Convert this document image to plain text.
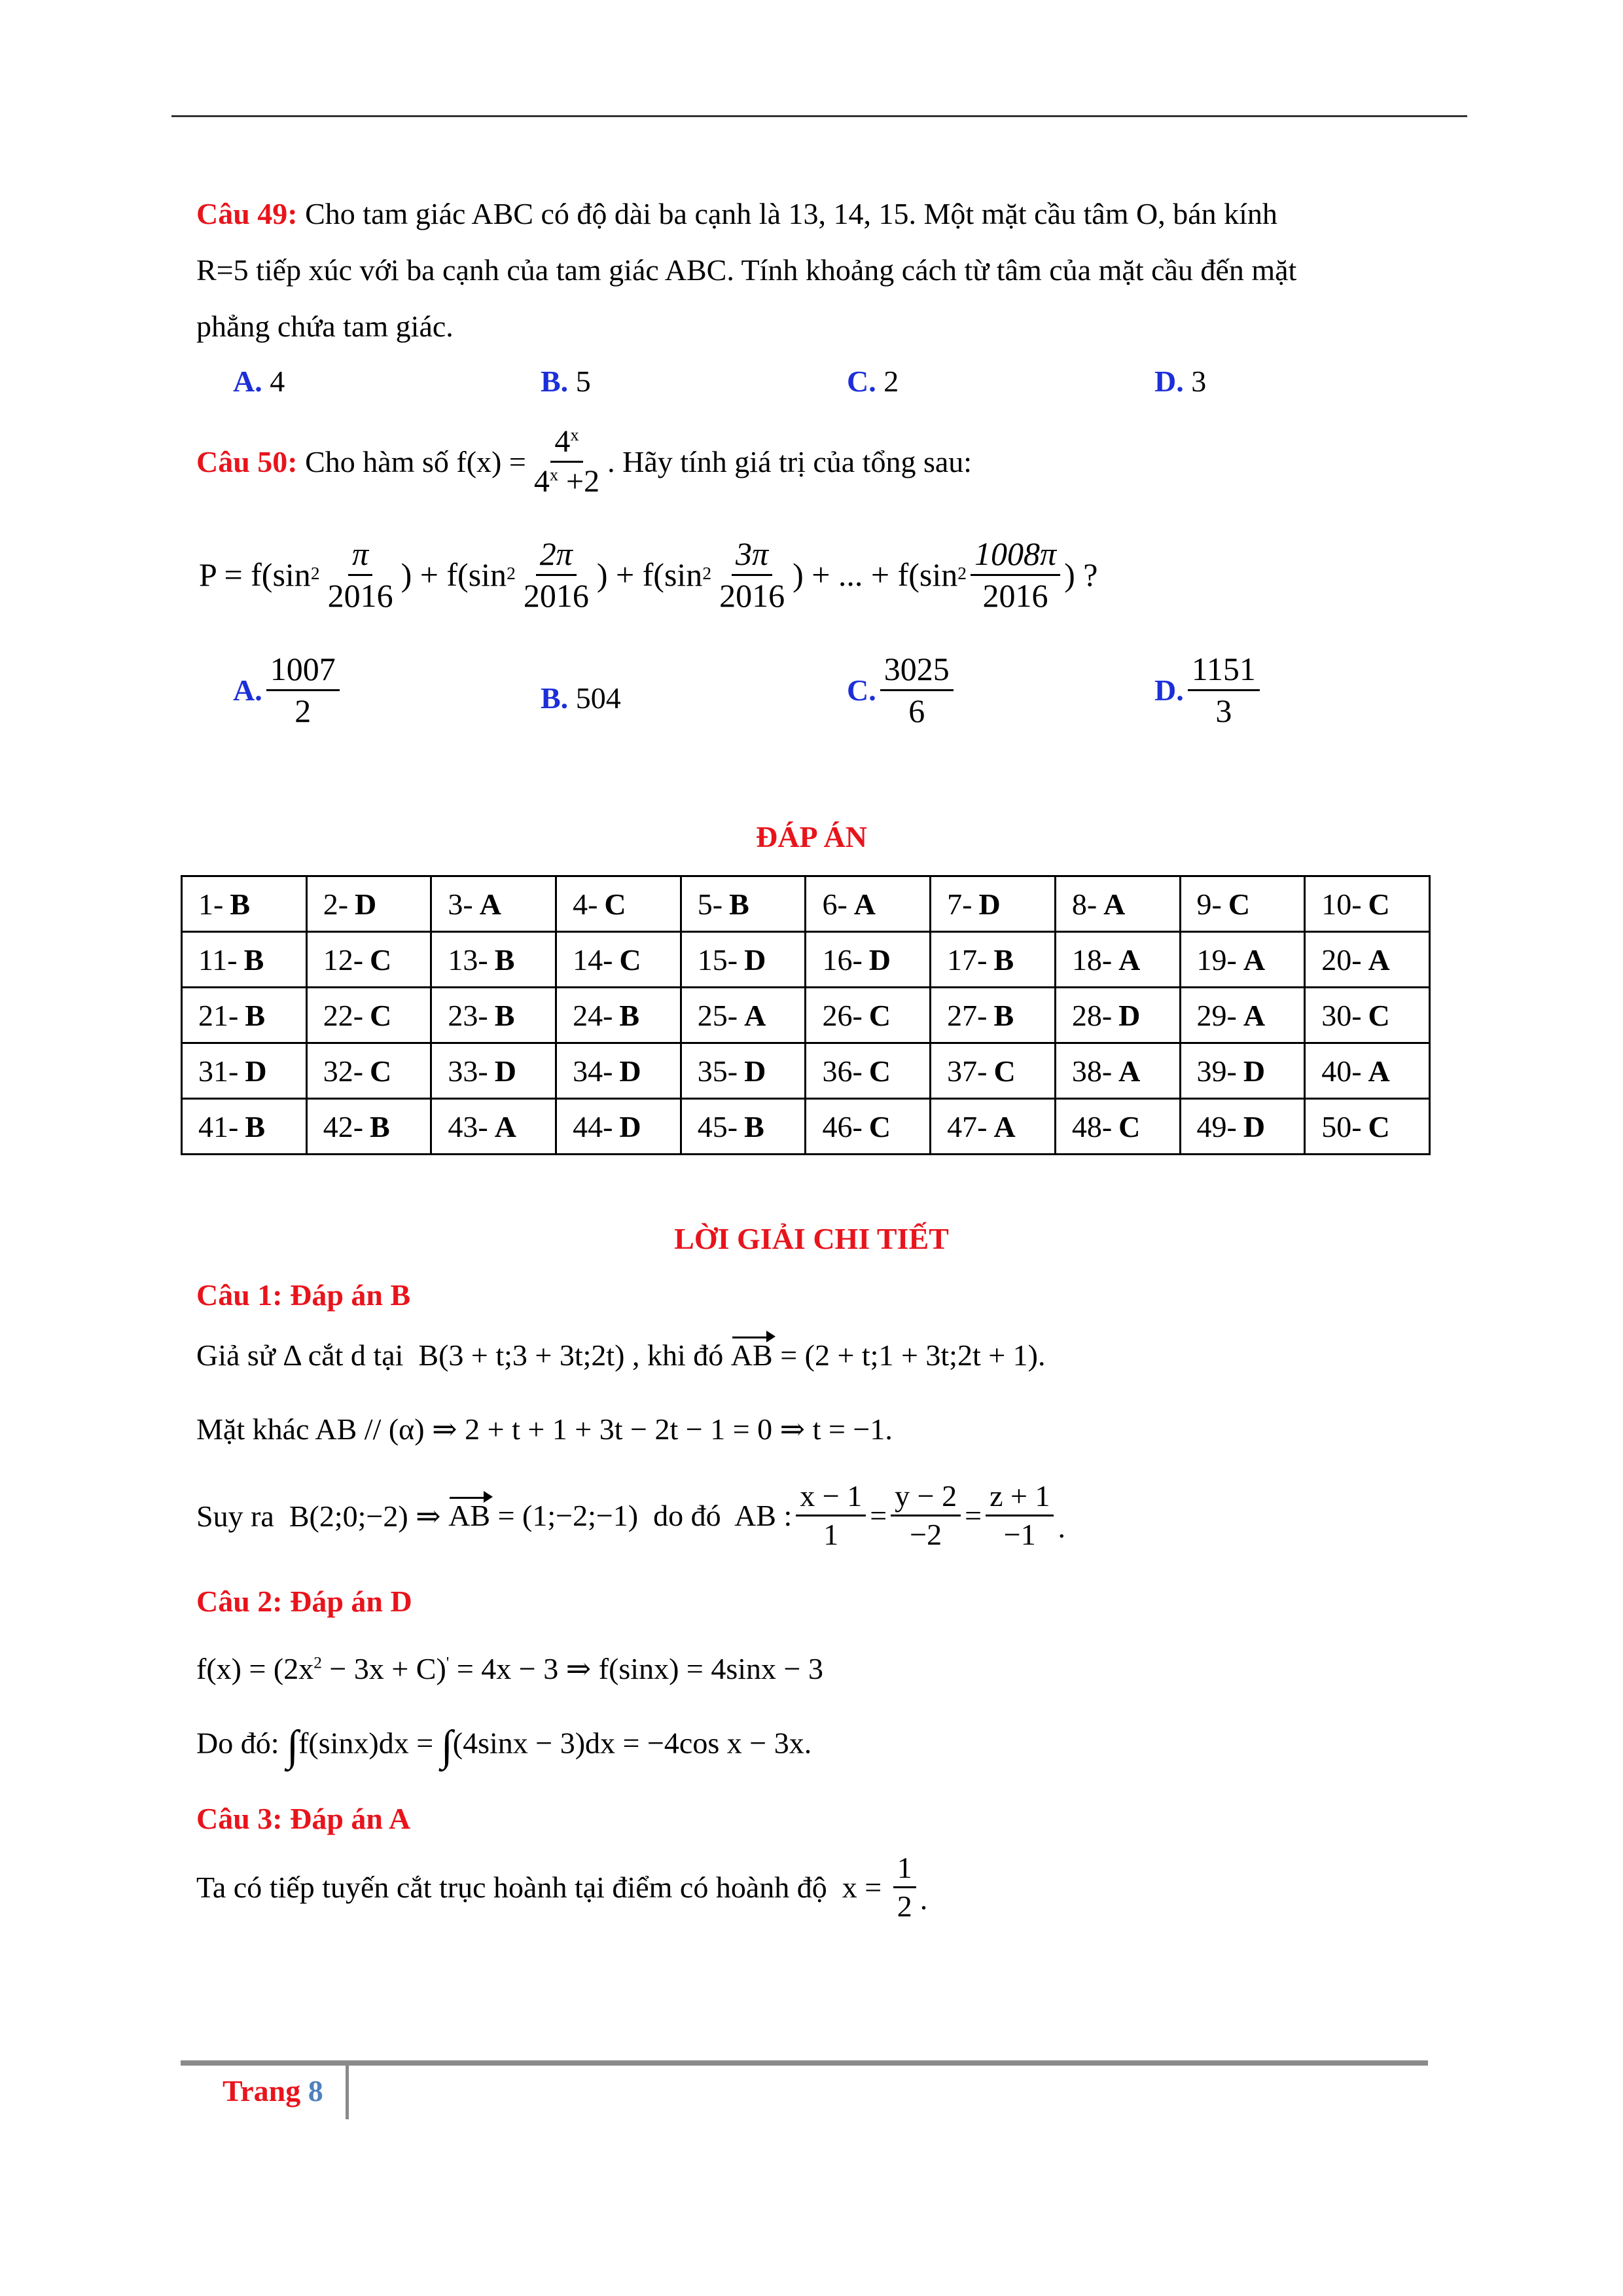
Câu 49: Cho tam giác ABC có độ dài ba cạnh là 13, 14, 15. Một mặt cầu tâm O, bán kính
R=5 tiếp xúc với ba cạnh của tam giác ABC. Tính khoảng cách từ tâm của mặt cầu đến mặt
phẳng chứa tam giác.
A. 4	B. 5	C. 2	D. 3
Câu 50: Cho hàm số $f(x) = \frac{4^x}{4^x +2}$ . Hãy tính giá trị của tổng sau:
P = f(sin $2 \frac{\pi}{2016}$ ) + f(sin $2 \frac{2\pi}{2016}$ ) + f(sin $2 \frac{3\pi}{2016}$ ) + ... + f(sin $2 \frac{1008\pi}{2016}$ ) ?
A. $\frac{1007}{2}$	B. 504	C. $\frac{3025}{6}$	D. $\frac{1151}{3}$
ĐÁP ÁN
1- B	2- D	3- A	4- C	5- B	6- A	7- D	8- A	9- C	10- C
11- B	12- C	13- B	14- C	15- D	16- D	17- B	18- A	19- A	20- A
21- B	22- C	23- B	24- B	25- A	26- C	27- B	28- D	29- A	30- C
31- D	32- C	33- D	34- D	35- D	36- C	37- C	38- A	39- D	40- A
41- B	42- B	43- A	44- D	45- B	46- C	47- A	48- C	49- D	50- C
LỜI GIẢI CHI TIẾT
Câu 1: Đáp án B
Giả sử Δ cắt d tại  B(3 + t;3 + 3t;2t) , khi đó AB = (2 + t;1 + 3t;2t + 1).
Mặt khác AB // (α) ⇒ 2 + t + 1 + 3t − 2t − 1 = 0 ⇒ t = −1.
Suy ra  B(2;0;−2) ⇒ AB = (1;−2;−1)  do đó  AB : $\frac{x - 1}{1} = \frac{y - 2}{-2} = \frac{z + 1}{-1}$ .
Câu 2: Đáp án D
$f(x) = (2x^2 - 3x + C)' = 4x - 3$ ⇒ f(sinx) = 4sinx − 3
Do đó: ∫f(sinx)dx = ∫(4sinx − 3)dx = −4cos x − 3x.
Câu 3: Đáp án A
Ta có tiếp tuyến cắt trục hoành tại điểm có hoành độ  $x = \frac{1}{2}$ .
Trang 8
